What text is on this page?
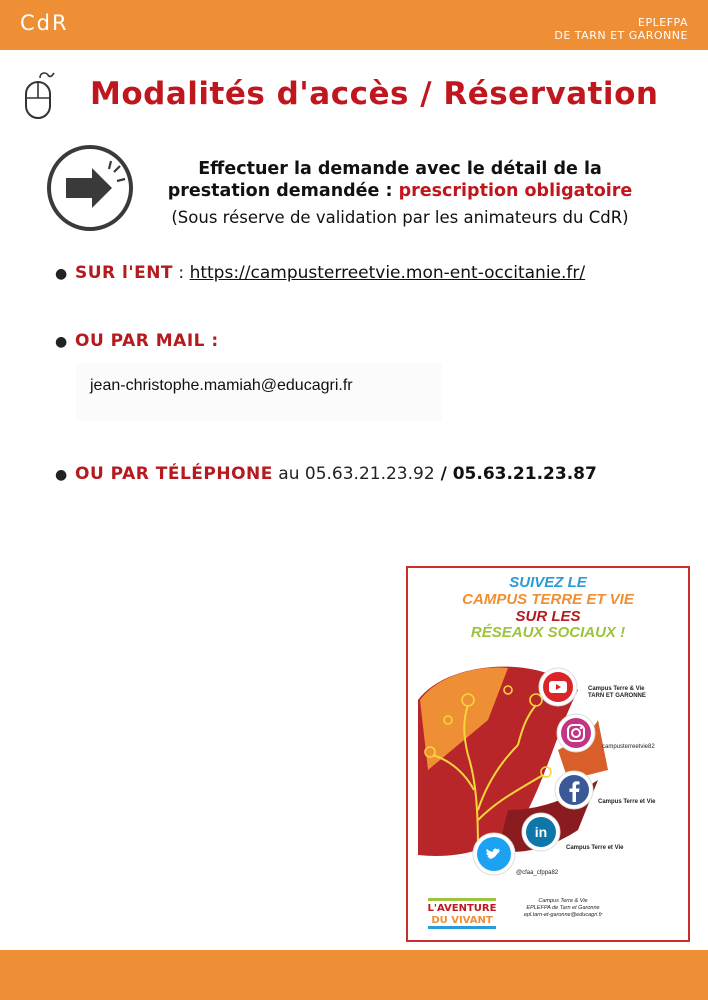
CdR	EPLEFPA
DE TARN ET GARONNE
Modalités d'accès / Réservation
Effectuer la demande avec le détail de la
prestation demandée : prescription obligatoire
(Sous réserve de validation par les animateurs du CdR)
● SUR l'ENT : https://campusterreetvie.mon-ent-occitanie.fr/
● OU PAR MAIL :
jean-christophe.mamiah@educagri.fr
● OU PAR TÉLÉPHONE au 05.63.21.23.92 / 05.63.21.23.87
SUIVEZ LE
CAMPUS TERRE ET VIE
SUR LES
RÉSEAUX SOCIAUX !
Campus Terre & Vie
TARN ET GARONNE
campusterreetvie82
Campus Terre et Vie
in
Campus Terre et Vie
@cfaa_cfppa82
L'AVENTURE
DU VIVANT
Campus Terre & Vie
EPLEFPA de Tarn et Garonne
epl.tarn-et-garonne@educagri.fr
